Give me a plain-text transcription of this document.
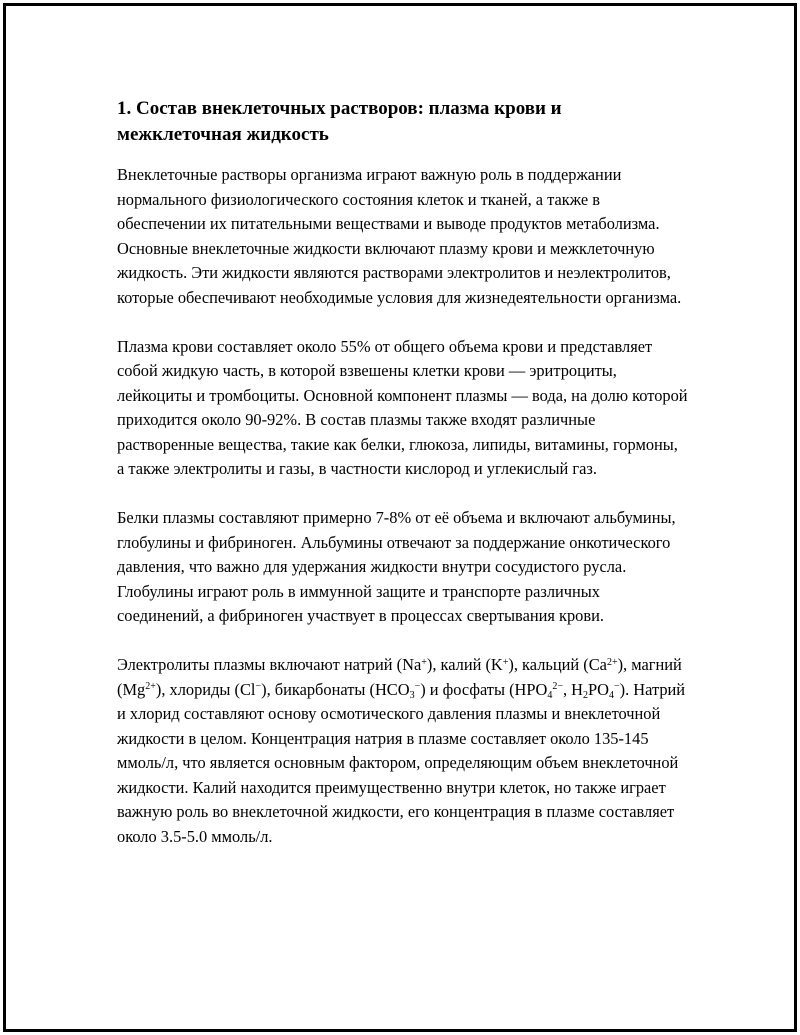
1. Состав внеклеточных растворов: плазма крови и межклеточная жидкость

Внеклеточные растворы организма играют важную роль в поддержании нормального физиологического состояния клеток и тканей, а также в обеспечении их питательными веществами и выводе продуктов метаболизма. Основные внеклеточные жидкости включают плазму крови и межклеточную жидкость. Эти жидкости являются растворами электролитов и неэлектролитов, которые обеспечивают необходимые условия для жизнедеятельности организма.

Плазма крови составляет около 55% от общего объема крови и представляет собой жидкую часть, в которой взвешены клетки крови — эритроциты, лейкоциты и тромбоциты. Основной компонент плазмы — вода, на долю которой приходится около 90-92%. В состав плазмы также входят различные растворенные вещества, такие как белки, глюкоза, липиды, витамины, гормоны, а также электролиты и газы, в частности кислород и углекислый газ.

Белки плазмы составляют примерно 7-8% от её объема и включают альбумины, глобулины и фибриноген. Альбумины отвечают за поддержание онкотического давления, что важно для удержания жидкости внутри сосудистого русла. Глобулины играют роль в иммунной защите и транспорте различных соединений, а фибриноген участвует в процессах свертывания крови.

Электролиты плазмы включают натрий (Na+), калий (K+), кальций $(Ca^{2+})$, магний $(Mg^{2+})$, хлориды (Cl−), бикарбонаты $(HCO_3^-)$ и фосфаты ($HPO_4^{2-}$, $H_2PO_4^-$). Натрий и хлорид составляют основу осмотического давления плазмы и внеклеточной жидкости в целом. Концентрация натрия в плазме составляет около 135-145 ммоль/л, что является основным фактором, определяющим объем внеклеточной жидкости. Калий находится преимущественно внутри клеток, но также играет важную роль во внеклеточной жидкости, его концентрация в плазме составляет около 3.5-5.0 ммоль/л.
